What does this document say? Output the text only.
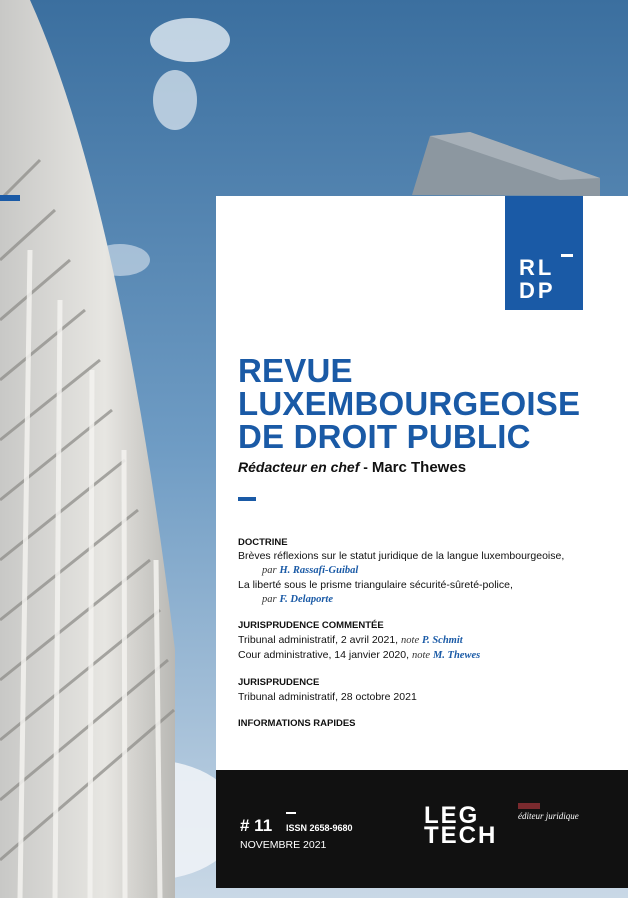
RL
DP
REVUE
LUXEMBOURGEOISE
DE DROIT PUBLIC
Rédacteur en chef - Marc Thewes
DOCTRINE
Brèves réflexions sur le statut juridique de la langue luxembourgeoise,
par H. Rassafi-Guibal
La liberté sous le prisme triangulaire sécurité-sûreté-police,
par F. Delaporte
JURISPRUDENCE COMMENTÉE
Tribunal administratif, 2 avril 2021, note P. Schmit
Cour administrative, 14 janvier 2020, note M. Thewes
JURISPRUDENCE
Tribunal administratif, 28 octobre 2021
INFORMATIONS RAPIDES
# 11 ISSN 2658-9680
NOVEMBRE 2021
LEG
TECH
éditeur juridique
